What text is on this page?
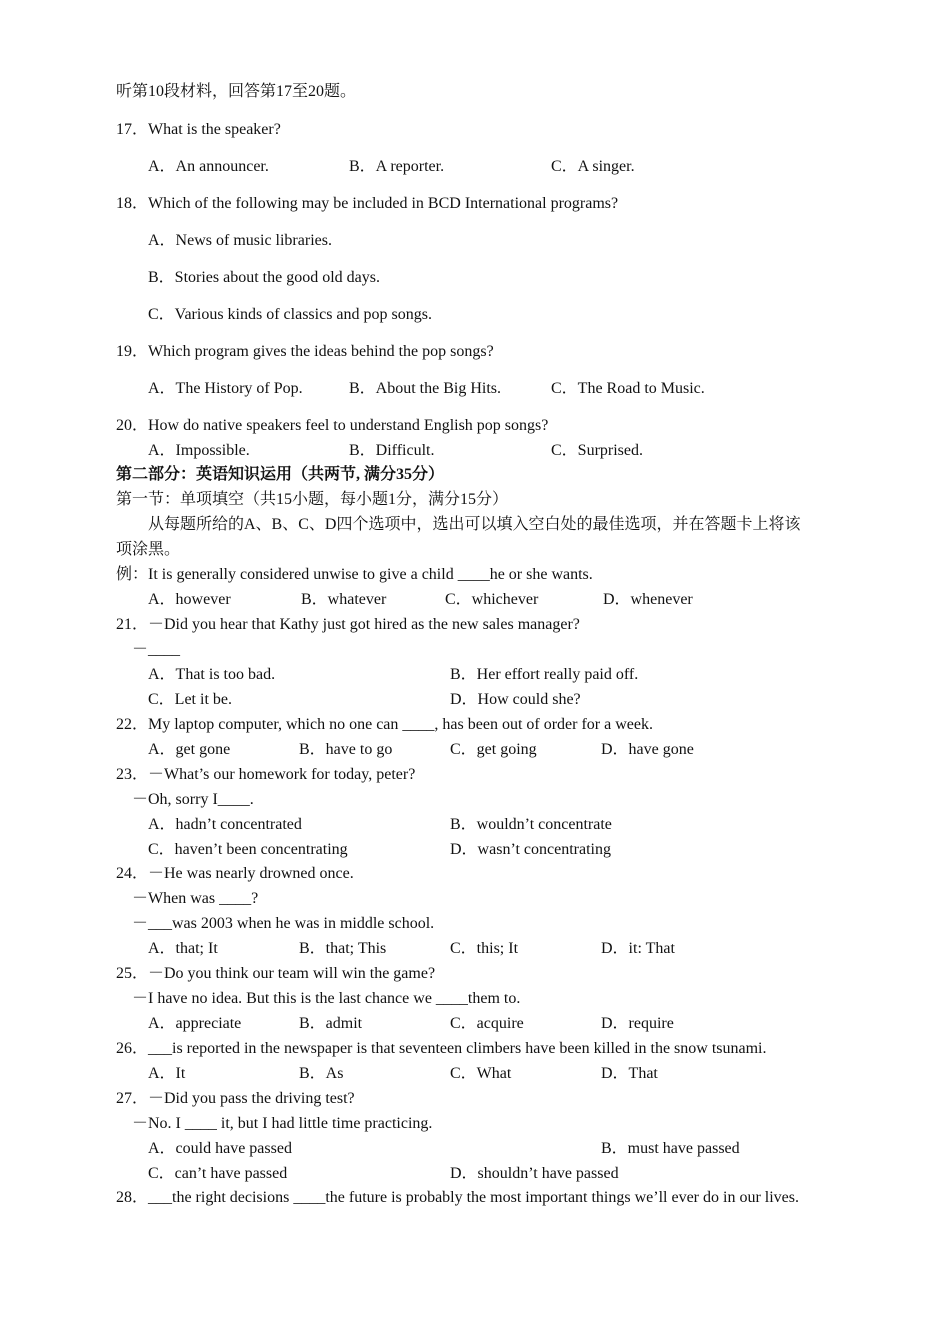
听第10段材料，回答第17至20题。
17．What is the speaker?
A．An announcer.	B．A reporter.	C．A singer.
18．Which of the following may be included in BCD International programs?
A．News of music libraries.
B．Stories about the good old days.
C．Various kinds of classics and pop songs.
19．Which program gives the ideas behind the pop songs?
A．The History of Pop.	B．About the Big Hits.	C．The Road to Music.
20．How do native speakers feel to understand English pop songs?
A．Impossible.	B．Difficult.	C．Surprised.
第二部分：英语知识运用（共两节, 满分35分）
第一节：单项填空（共15小题，每小题1分，满分15分）
从每题所给的A、B、C、D四个选项中，选出可以填入空白处的最佳选项，并在答题卡上将该
项涂黑。
例：It is generally considered unwise to give a child ____he or she wants.
A．however	B．whatever	C．whichever	D．whenever
21．－Did you hear that Kathy just got hired as the new sales manager?
－____
A．That is too bad.	B．Her effort really paid off.
C．Let it be.	D．How could she?
22．My laptop computer, which no one can ____, has been out of order for a week.
A．get gone	B．have to go	C．get going	D．have gone
23．－What’s our homework for today, peter?
－Oh, sorry I____.
A．hadn’t concentrated	B．wouldn’t concentrate
C．haven’t been concentrating	D．wasn’t concentrating
24．－He was nearly drowned once.
－When was ____?
－___was 2003 when he was in middle school.
A．that; It	B．that; This	C．this; It	D．it: That
25．－Do you think our team will win the game?
－I have no idea. But this is the last chance we ____them to.
A．appreciate	B．admit	C．acquire	D．require
26．___is reported in the newspaper is that seventeen climbers have been killed in the snow tsunami.
A．It	B．As	C．What	D．That
27．－Did you pass the driving test?
－No. I ____ it, but I had little time practicing.
A．could have passed	B．must have passed
C．can’t have passed	D．shouldn’t have passed
28．___the right decisions ____the future is probably the most important things we’ll ever do in our lives.
